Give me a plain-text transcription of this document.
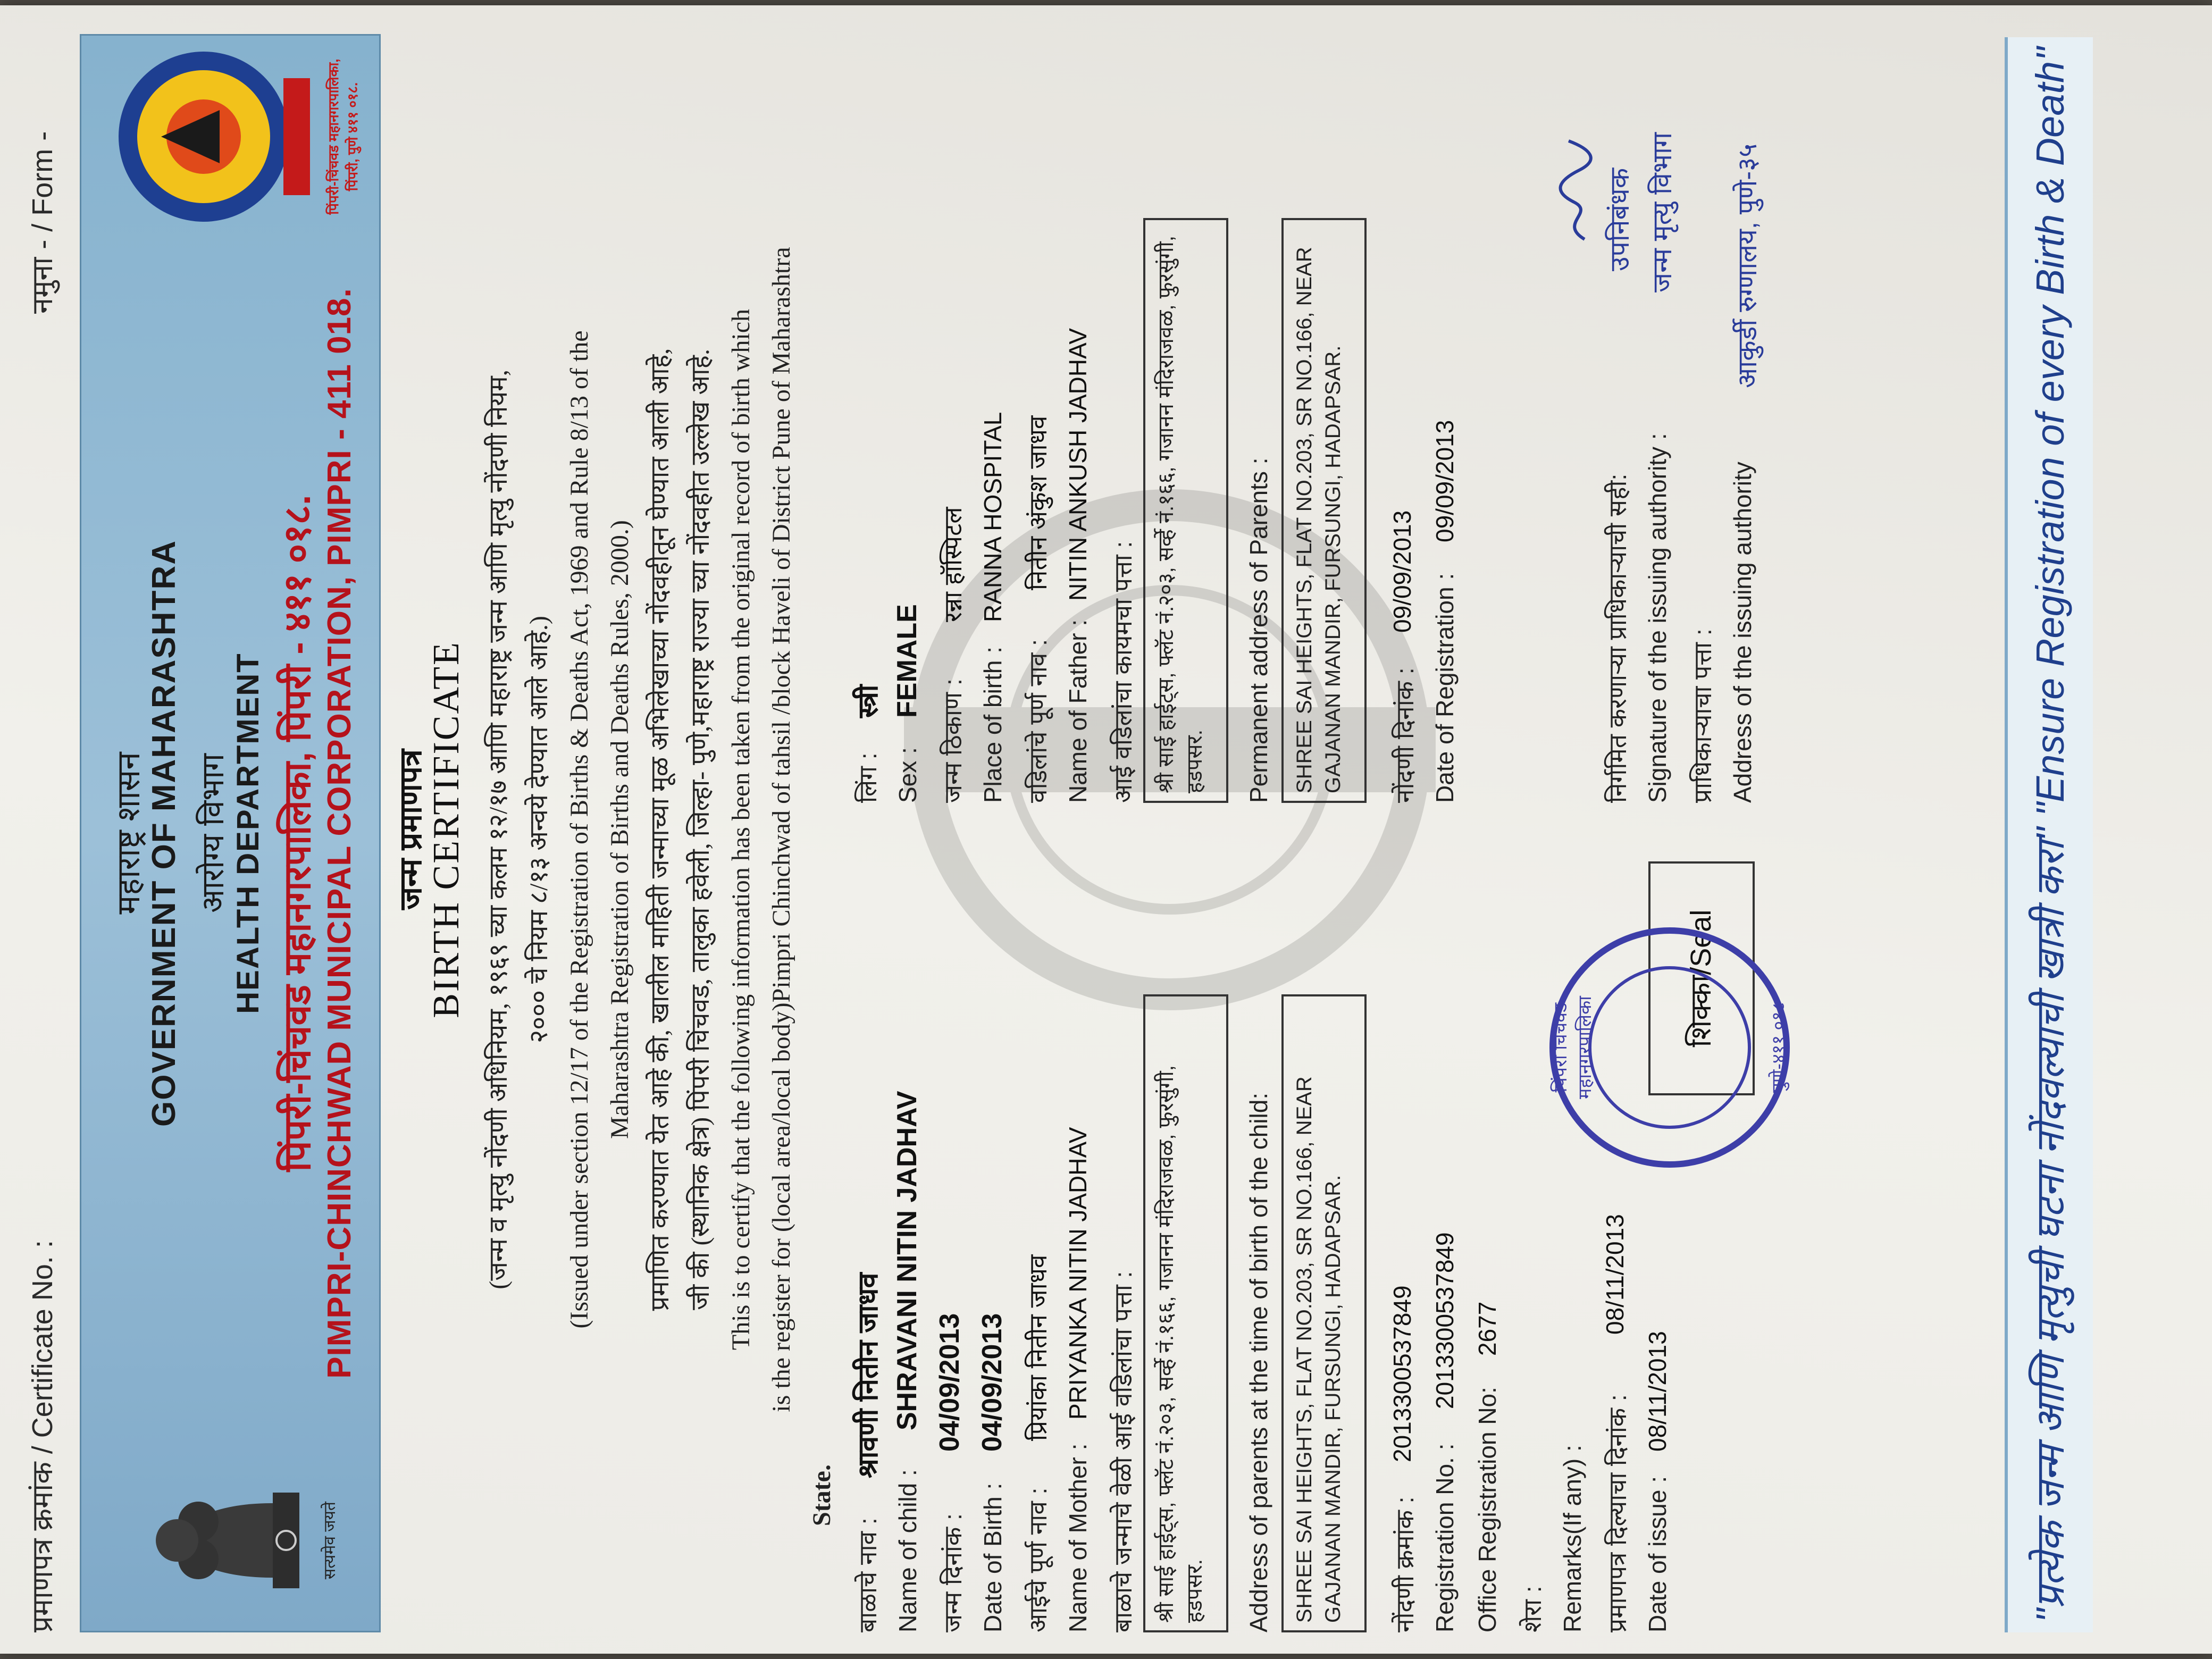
प्रमाणपत्र क्रमांक / Certificate No. :
नमुना - / Form -
सत्यमेव जयते
महाराष्ट्र शासन GOVERNMENT OF MAHARASHTRA आरोग्य विभाग HEALTH DEPARTMENT पिंपरी-चिंचवड महानगरपालिका, पिंपरी - ४११ ०१८. PIMPRI-CHINCHWAD MUNICIPAL CORPORATION, PIMPRI - 411 018.
पिंपरी-चिंचवड महानगरपालिका, पिंपरी, पुणे ४११ ०१८.
जन्म प्रमाणपत्र
BIRTH CERTIFICATE (जन्म व मृत्यु नोंदणी अधिनियम, १९६९ च्या कलम १२/१७ आणि महाराष्ट्र जन्म आणि मृत्यु नोंदणी नियम, २००० चे नियम ८/१३ अन्वये देण्यात आले आहे.) (Issued under section 12/17 of the Registration of Births & Deaths Act, 1969 and Rule 8/13 of the Maharashtra Registration of Births and Deaths Rules, 2000.) प्रमाणित करण्यात येत आहे की, खालील माहिती जन्माच्या मूळ अभिलेखाच्या नोंदवहीतून घेण्यात आली आहे, जी की (स्थानिक क्षेत्र) पिंपरी चिंचवड, तालुका हवेली, जिल्हा- पुणे,महाराष्ट्र राज्या च्या नोंदवहीत उल्लेख आहे. This is to certify that the following information has been taken from the original record of birth which is the register for (local area/local body)Pimpri Chinchwad of tahsil /block Haveli of District Pune of Maharashtra
State.
बाळाचे नाव :
श्रावणी नितीन जाधव
लिंग :
स्त्री
Name of child :
SHRAVANI NITIN JADHAV
Sex :
FEMALE
जन्म दिनांक :
04/09/2013
जन्म ठिकाण :
रन्ना हॉस्पिटल
Date of Birth :
04/09/2013
Place of birth :
RANNA HOSPITAL
आईचे पूर्ण नाव :
प्रियांका नितीन जाधव
वडिलांचे पूर्ण नाव :
नितीन अंकुश जाधव
Name of Mother :
PRIYANKA NITIN JADHAV
Name of Father :
NITIN ANKUSH JADHAV
बाळाचे जन्माचे वेळी आई वडिलांचा पत्ता :
आई वडिलांचा कायमचा पत्ता :
श्री साई हाईट्स, फ्लॅट नं.२०३, सर्व्हे नं.१६६, गजानन मंदिराजवळ, फुरसुंगी, हडपसर.
श्री साई हाईट्स, फ्लॅट नं.२०३, सर्व्हे नं.१६६, गजानन मंदिराजवळ, फुरसुंगी, हडपसर.
Address of parents at the time of birth of the child:
Permanent address of Parents :
SHREE SAI HEIGHTS, FLAT NO.203, SR NO.166, NEAR GAJANAN MANDIR, FURSUNGI, HADAPSAR.
SHREE SAI HEIGHTS, FLAT NO.203, SR NO.166, NEAR GAJANAN MANDIR, FURSUNGI, HADAPSAR.
नोंदणी क्रमांक :
2013300537849
नोंदणी दिनांक :
09/09/2013
Registration No. :
2013300537849
Date of Registration :
09/09/2013
Office Registration No:
2677
शेरा : Remarks(If any) : प्रमाणपत्र दिल्याचा दिनांक :
08/11/2013
Date of issue :
08/11/2013
निर्गमित करणाऱ्या प्राधिकाऱ्याची सही: Signature of the issuing authority : प्राधिकाऱ्याचा पत्ता : Address of the issuing authority
उपनिबंधक जन्म मृत्यु विभाग आकुर्डी रुग्णालय, पुणे-३५
शिक्का/Seal
पिंपरी चिंचवड महानगरपालिका	पुणे-४११ ०१८	"प्रत्येक जन्म आणि मृत्युची घटना नोंदवल्याची खात्री करा" "Ensure Registration of every Birth & Death"
